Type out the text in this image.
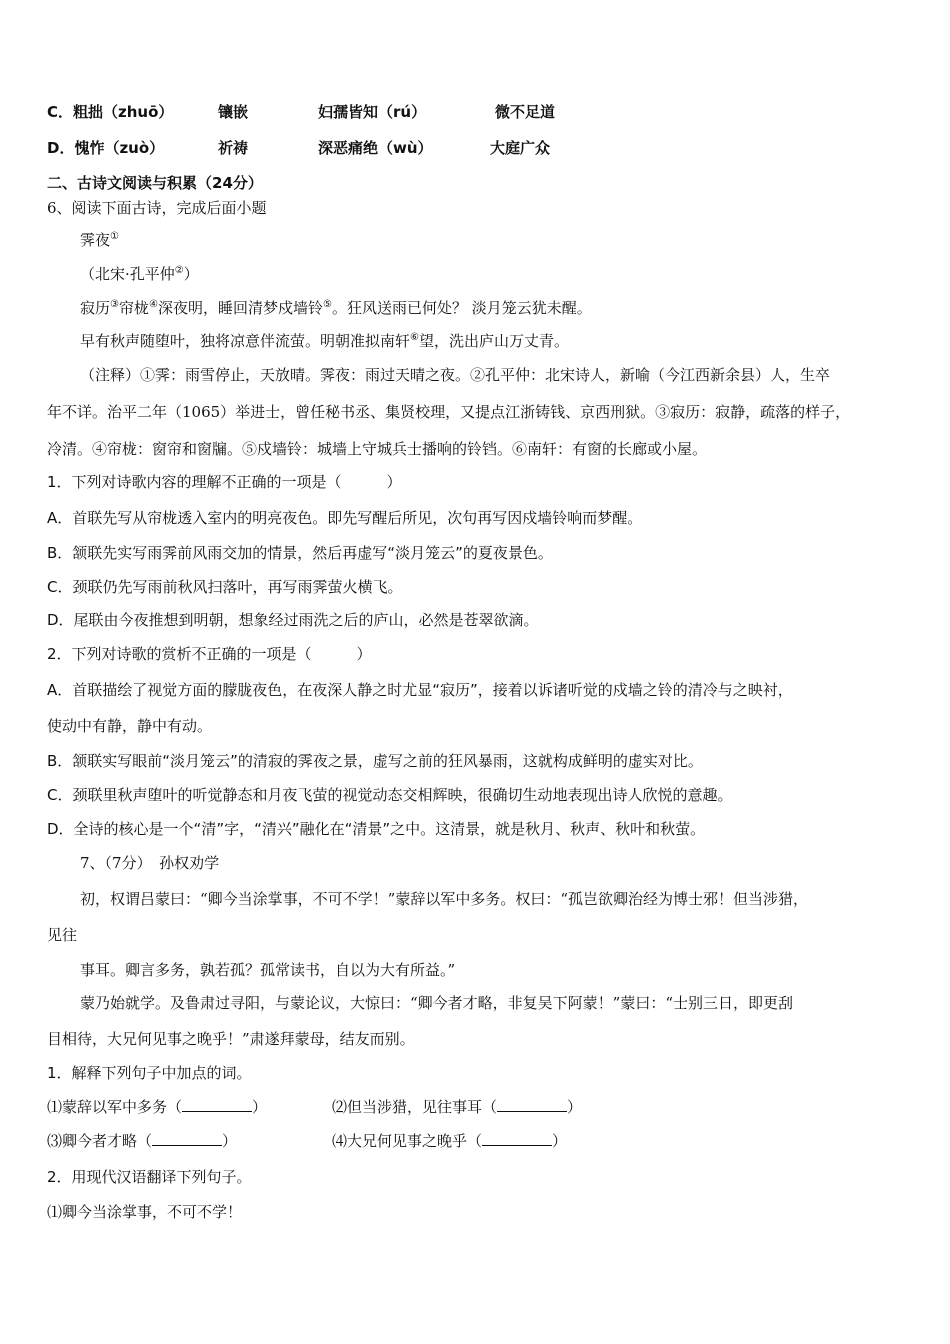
C．粗拙（zhuō）	镶嵌	妇孺皆知（rú）	微不足道
D．愧怍（zuò）	祈祷	深恶痛绝（wù）	大庭广众
二、古诗文阅读与积累（24分）
6、阅读下面古诗，完成后面小题
霁夜①
（北宋·孔平仲②）
寂历③帘栊④深夜明，睡回清梦戍墙铃⑤。狂风送雨已何处？ 淡月笼云犹未醒。
早有秋声随堕叶，独将凉意伴流萤。明朝准拟南轩⑥望，洗出庐山万丈青。
（注释）①霁：雨雪停止，天放晴。霁夜：雨过天晴之夜。②孔平仲：北宋诗人，新喻（今江西新余县）人，生卒
年不详。治平二年（1065）举进士，曾任秘书丞、集贤校理，又提点江浙铸钱、京西刑狱。③寂历：寂静，疏落的样子，
冷清。④帘栊：窗帘和窗牖。⑤戍墙铃：城墙上守城兵士播响的铃铛。⑥南轩：有窗的长廊或小屋。
1．下列对诗歌内容的理解不正确的一项是（　　　）
A．首联先写从帘栊透入室内的明亮夜色。即先写醒后所见，次句再写因戍墙铃响而梦醒。
B．颔联先实写雨霁前风雨交加的情景，然后再虚写“淡月笼云”的夏夜景色。
C．颈联仍先写雨前秋风扫落叶，再写雨霁萤火横飞。
D．尾联由今夜推想到明朝，想象经过雨洗之后的庐山，必然是苍翠欲滴。
2．下列对诗歌的赏析不正确的一项是（　　　）
A．首联描绘了视觉方面的朦胧夜色，在夜深人静之时尤显“寂历”，接着以诉诸听觉的戍墙之铃的清冷与之映衬，
使动中有静，静中有动。
B．颔联实写眼前“淡月笼云”的清寂的霁夜之景，虚写之前的狂风暴雨，这就构成鲜明的虚实对比。
C．颈联里秋声堕叶的听觉静态和月夜飞萤的视觉动态交相辉映，很确切生动地表现出诗人欣悦的意趣。
D．全诗的核心是一个“清”字，“清兴”融化在“清景”之中。这清景，就是秋月、秋声、秋叶和秋萤。
7、（7分）　孙权劝学
初，权谓吕蒙曰：“卿今当涂掌事，不可不学！”蒙辞以军中多务。权曰：“孤岂欲卿治经为博士邪！但当涉猎，
见往
事耳。卿言多务，孰若孤？孤常读书，自以为大有所益。”
蒙乃始就学。及鲁肃过寻阳，与蒙论议，大惊曰：“卿今者才略，非复吴下阿蒙！”蒙曰：“士别三日，即更刮
目相待，大兄何见事之晚乎！”肃遂拜蒙母，结友而别。
1．解释下列句子中加点的词。
⑴蒙辞以军中多务（	）	⑵但当涉猎，见往事耳（	）
⑶卿今者才略（	）	⑷大兄何见事之晚乎（	）
2．用现代汉语翻译下列句子。
⑴卿今当涂掌事，不可不学！
